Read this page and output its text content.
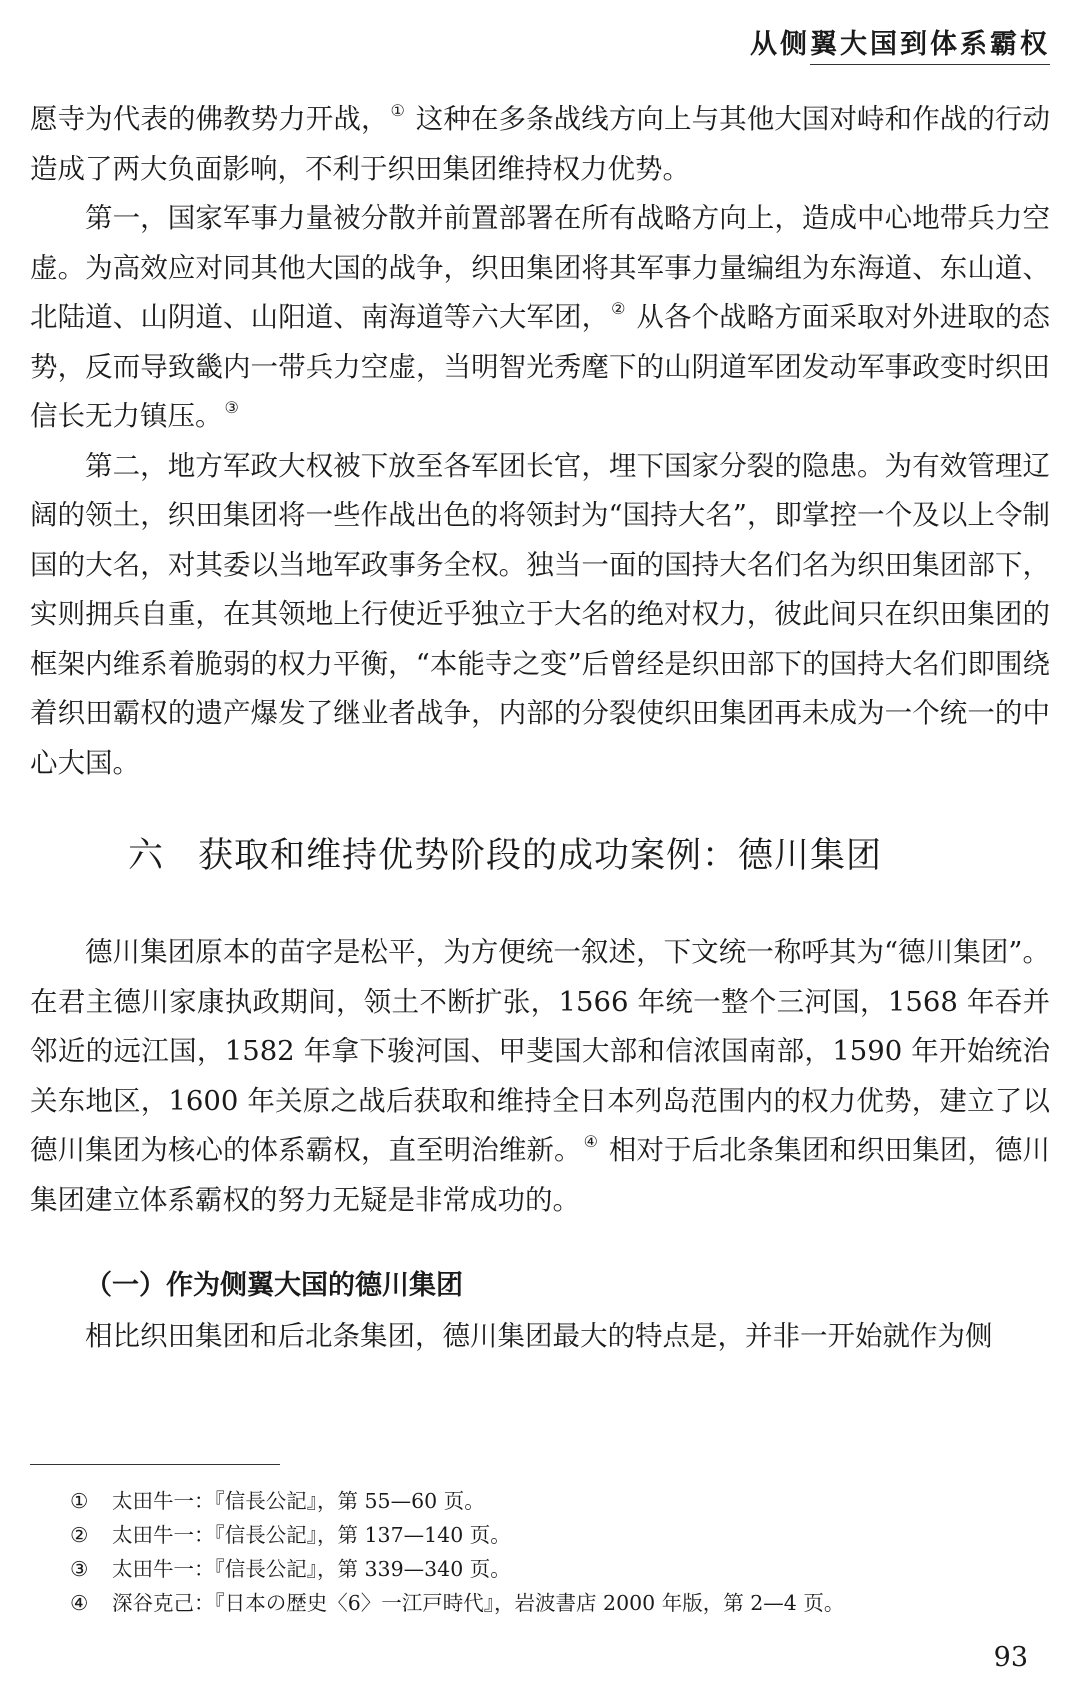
从侧翼大国到体系霸权

愿寺为代表的佛教势力开战， ① 这种在多条战线方向上与其他大国对峙和作战的行动造成了两大负面影响，不利于织田集团维持权力优势。

第一，国家军事力量被分散并前置部署在所有战略方向上，造成中心地带兵力空虚。为高效应对同其他大国的战争，织田集团将其军事力量编组为东海道、东山道、北陆道、山阴道、山阳道、南海道等六大军团， ② 从各个战略方面采取对外进取的态势，反而导致畿内一带兵力空虚，当明智光秀麾下的山阴道军团发动军事政变时织田信长无力镇压。 ③

第二，地方军政大权被下放至各军团长官，埋下国家分裂的隐患。为有效管理辽阔的领土，织田集团将一些作战出色的将领封为“国持大名”，即掌控一个及以上令制国的大名，对其委以当地军政事务全权。独当一面的国持大名们名为织田集团部下，实则拥兵自重，在其领地上行使近乎独立于大名的绝对权力，彼此间只在织田集团的框架内维系着脆弱的权力平衡，“本能寺之变”后曾经是织田部下的国持大名们即围绕着织田霸权的遗产爆发了继业者战争，内部的分裂使织田集团再未成为一个统一的中心大国。

六 获取和维持优势阶段的成功案例：德川集团

德川集团原本的苗字是松平，为方便统一叙述，下文统一称呼其为“德川集团”。在君主德川家康执政期间，领土不断扩张，1566 年统一整个三河国，1568 年吞并邻近的远江国，1582 年拿下骏河国、甲斐国大部和信浓国南部，1590 年开始统治关东地区，1600 年关原之战后获取和维持全日本列岛范围内的权力优势，建立了以德川集团为核心的体系霸权，直至明治维新。 ④ 相对于后北条集团和织田集团，德川集团建立体系霸权的努力无疑是非常成功的。

（一）作为侧翼大国的德川集团

相比织田集团和后北条集团，德川集团最大的特点是，并非一开始就作为侧

①	太田牛一：『信長公記』，第 55—60 页。
②	太田牛一：『信長公記』，第 137—140 页。
③	太田牛一：『信長公記』，第 339—340 页。
④	深谷克己：『日本の歴史〈6〉一江戸時代』，岩波書店 2000 年版，第 2—4 页。
93
